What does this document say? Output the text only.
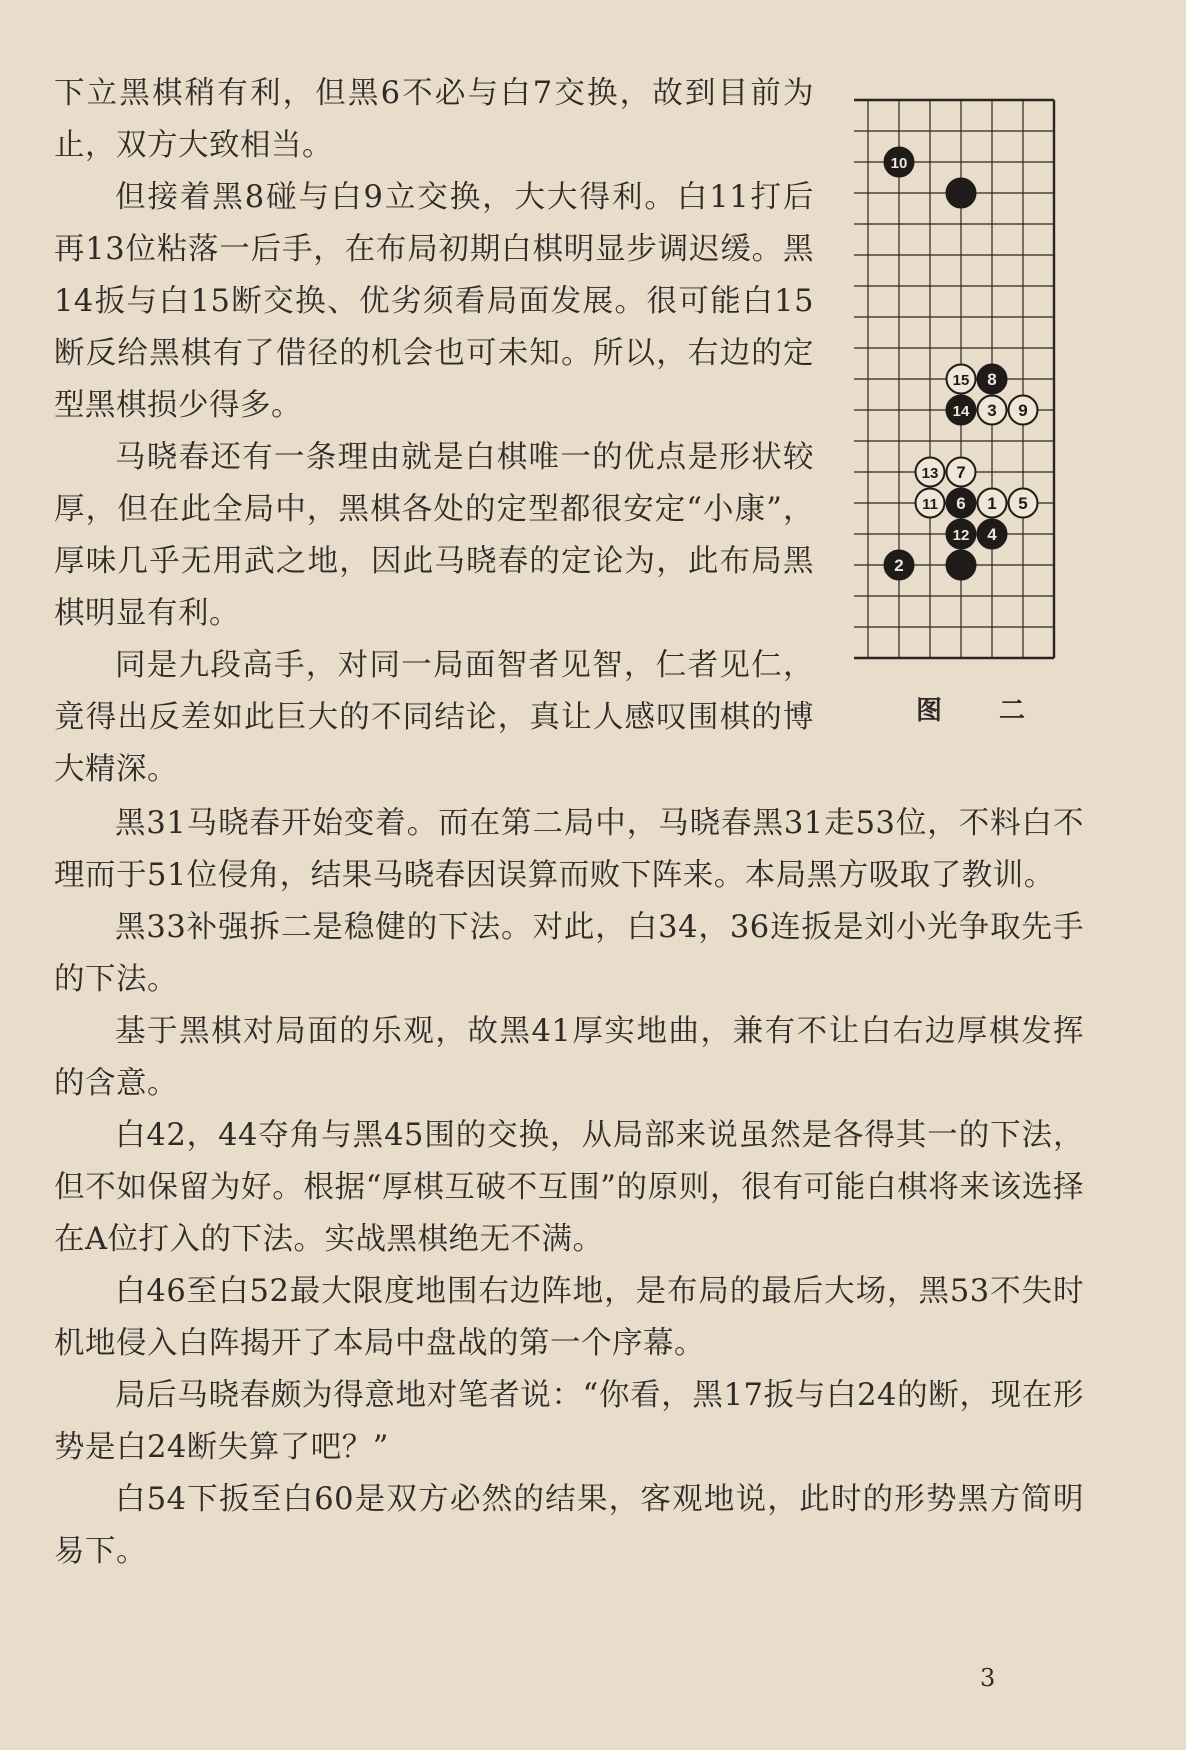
下立黑棋稍有利，但黑6不必与白7交换，故到目前为止，双方大致相当。

但接着黑8碰与白9立交换，大大得利。白11打后再13位粘落一后手，在布局初期白棋明显步调迟缓。黑14扳与白15断交换、优劣须看局面发展。很可能白15断反给黑棋有了借径的机会也可未知。所以，右边的定型黑棋损少得多。

马晓春还有一条理由就是白棋唯一的优点是形状较厚，但在此全局中，黑棋各处的定型都很安定“小康”，厚味几乎无用武之地，因此马晓春的定论为，此布局黑棋明显有利。

同是九段高手，对同一局面智者见智，仁者见仁，竟得出反差如此巨大的不同结论，真让人感叹围棋的博大精深。

10
15 8
14 3 9
13 7
11 6 1 5
12 4
2
图 二

黑31马晓春开始变着。而在第二局中，马晓春黑31走53位，不料白不理而于51位侵角，结果马晓春因误算而败下阵来。本局黑方吸取了教训。

黑33补强拆二是稳健的下法。对此，白34，36连扳是刘小光争取先手的下法。

基于黑棋对局面的乐观，故黑41厚实地曲，兼有不让白右边厚棋发挥的含意。

白42，44夺角与黑45围的交换，从局部来说虽然是各得其一的下法，但不如保留为好。根据“厚棋互破不互围”的原则，很有可能白棋将来该选择在A位打入的下法。实战黑棋绝无不满。

白46至白52最大限度地围右边阵地，是布局的最后大场，黑53不失时机地侵入白阵揭开了本局中盘战的第一个序幕。

局后马晓春颇为得意地对笔者说：“你看，黑17扳与白24的断，现在形势是白24断失算了吧？”

白54下扳至白60是双方必然的结果，客观地说，此时的形势黑方简明易下。

3
